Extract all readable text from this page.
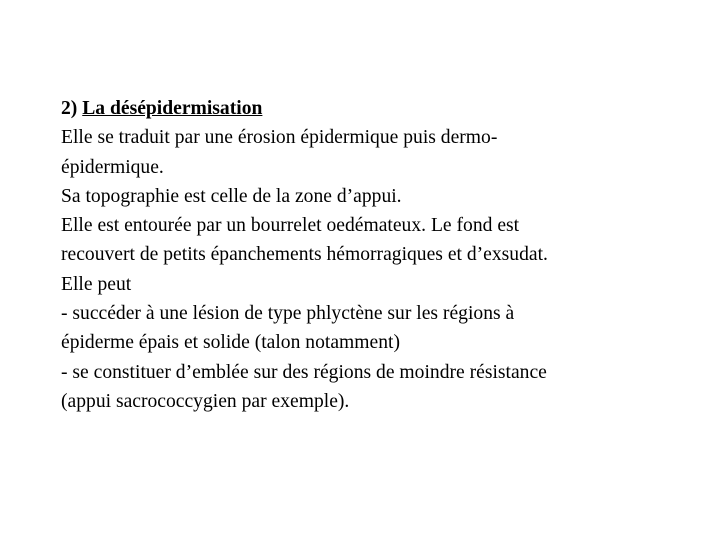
2) La désépidermisation
Elle se traduit par une érosion épidermique puis dermo-
épidermique.
Sa topographie est celle de la zone d’appui.
Elle est entourée par un bourrelet oedémateux. Le fond est
recouvert de petits épanchements hémorragiques et d’exsudat.
Elle peut
- succéder à une lésion de type phlyctène sur les régions à
épiderme épais et solide (talon notamment)
- se constituer d’emblée sur des régions de moindre résistance
(appui sacrococcygien par exemple).
